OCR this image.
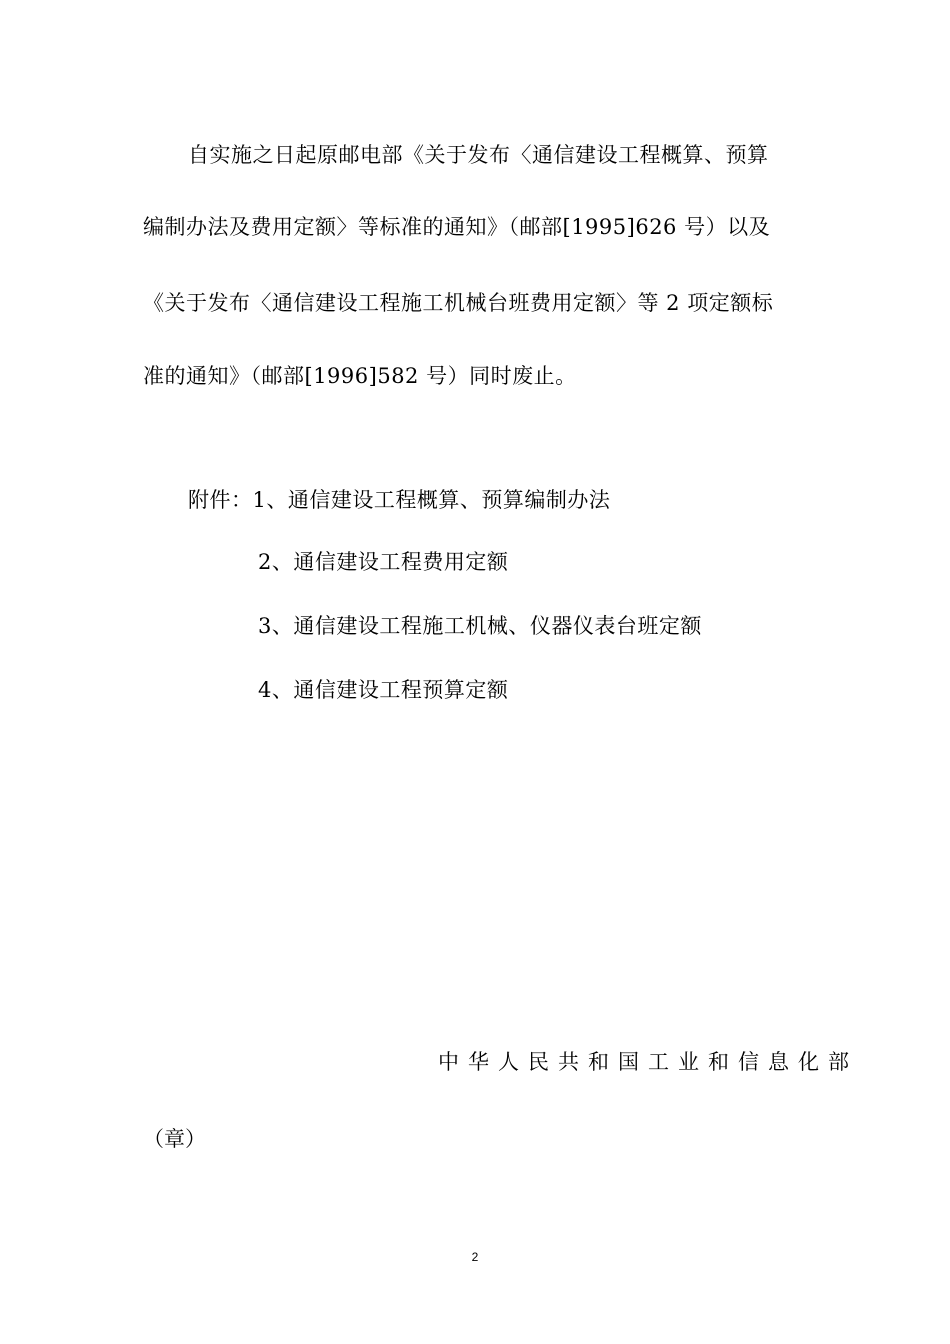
自实施之日起原邮电部《关于发布〈通信建设工程概算、预算
编制办法及费用定额〉等标准的通知》（邮部[1995]626 号）以及
《关于发布〈通信建设工程施工机械台班费用定额〉等 2 项定额标
准的通知》（邮部[1996]582 号）同时废止。
附件：1、通信建设工程概算、预算编制办法
2、通信建设工程费用定额
3、通信建设工程施工机械、仪器仪表台班定额
4、通信建设工程预算定额
中华人民共和国工业和信息化部
（章）
2
